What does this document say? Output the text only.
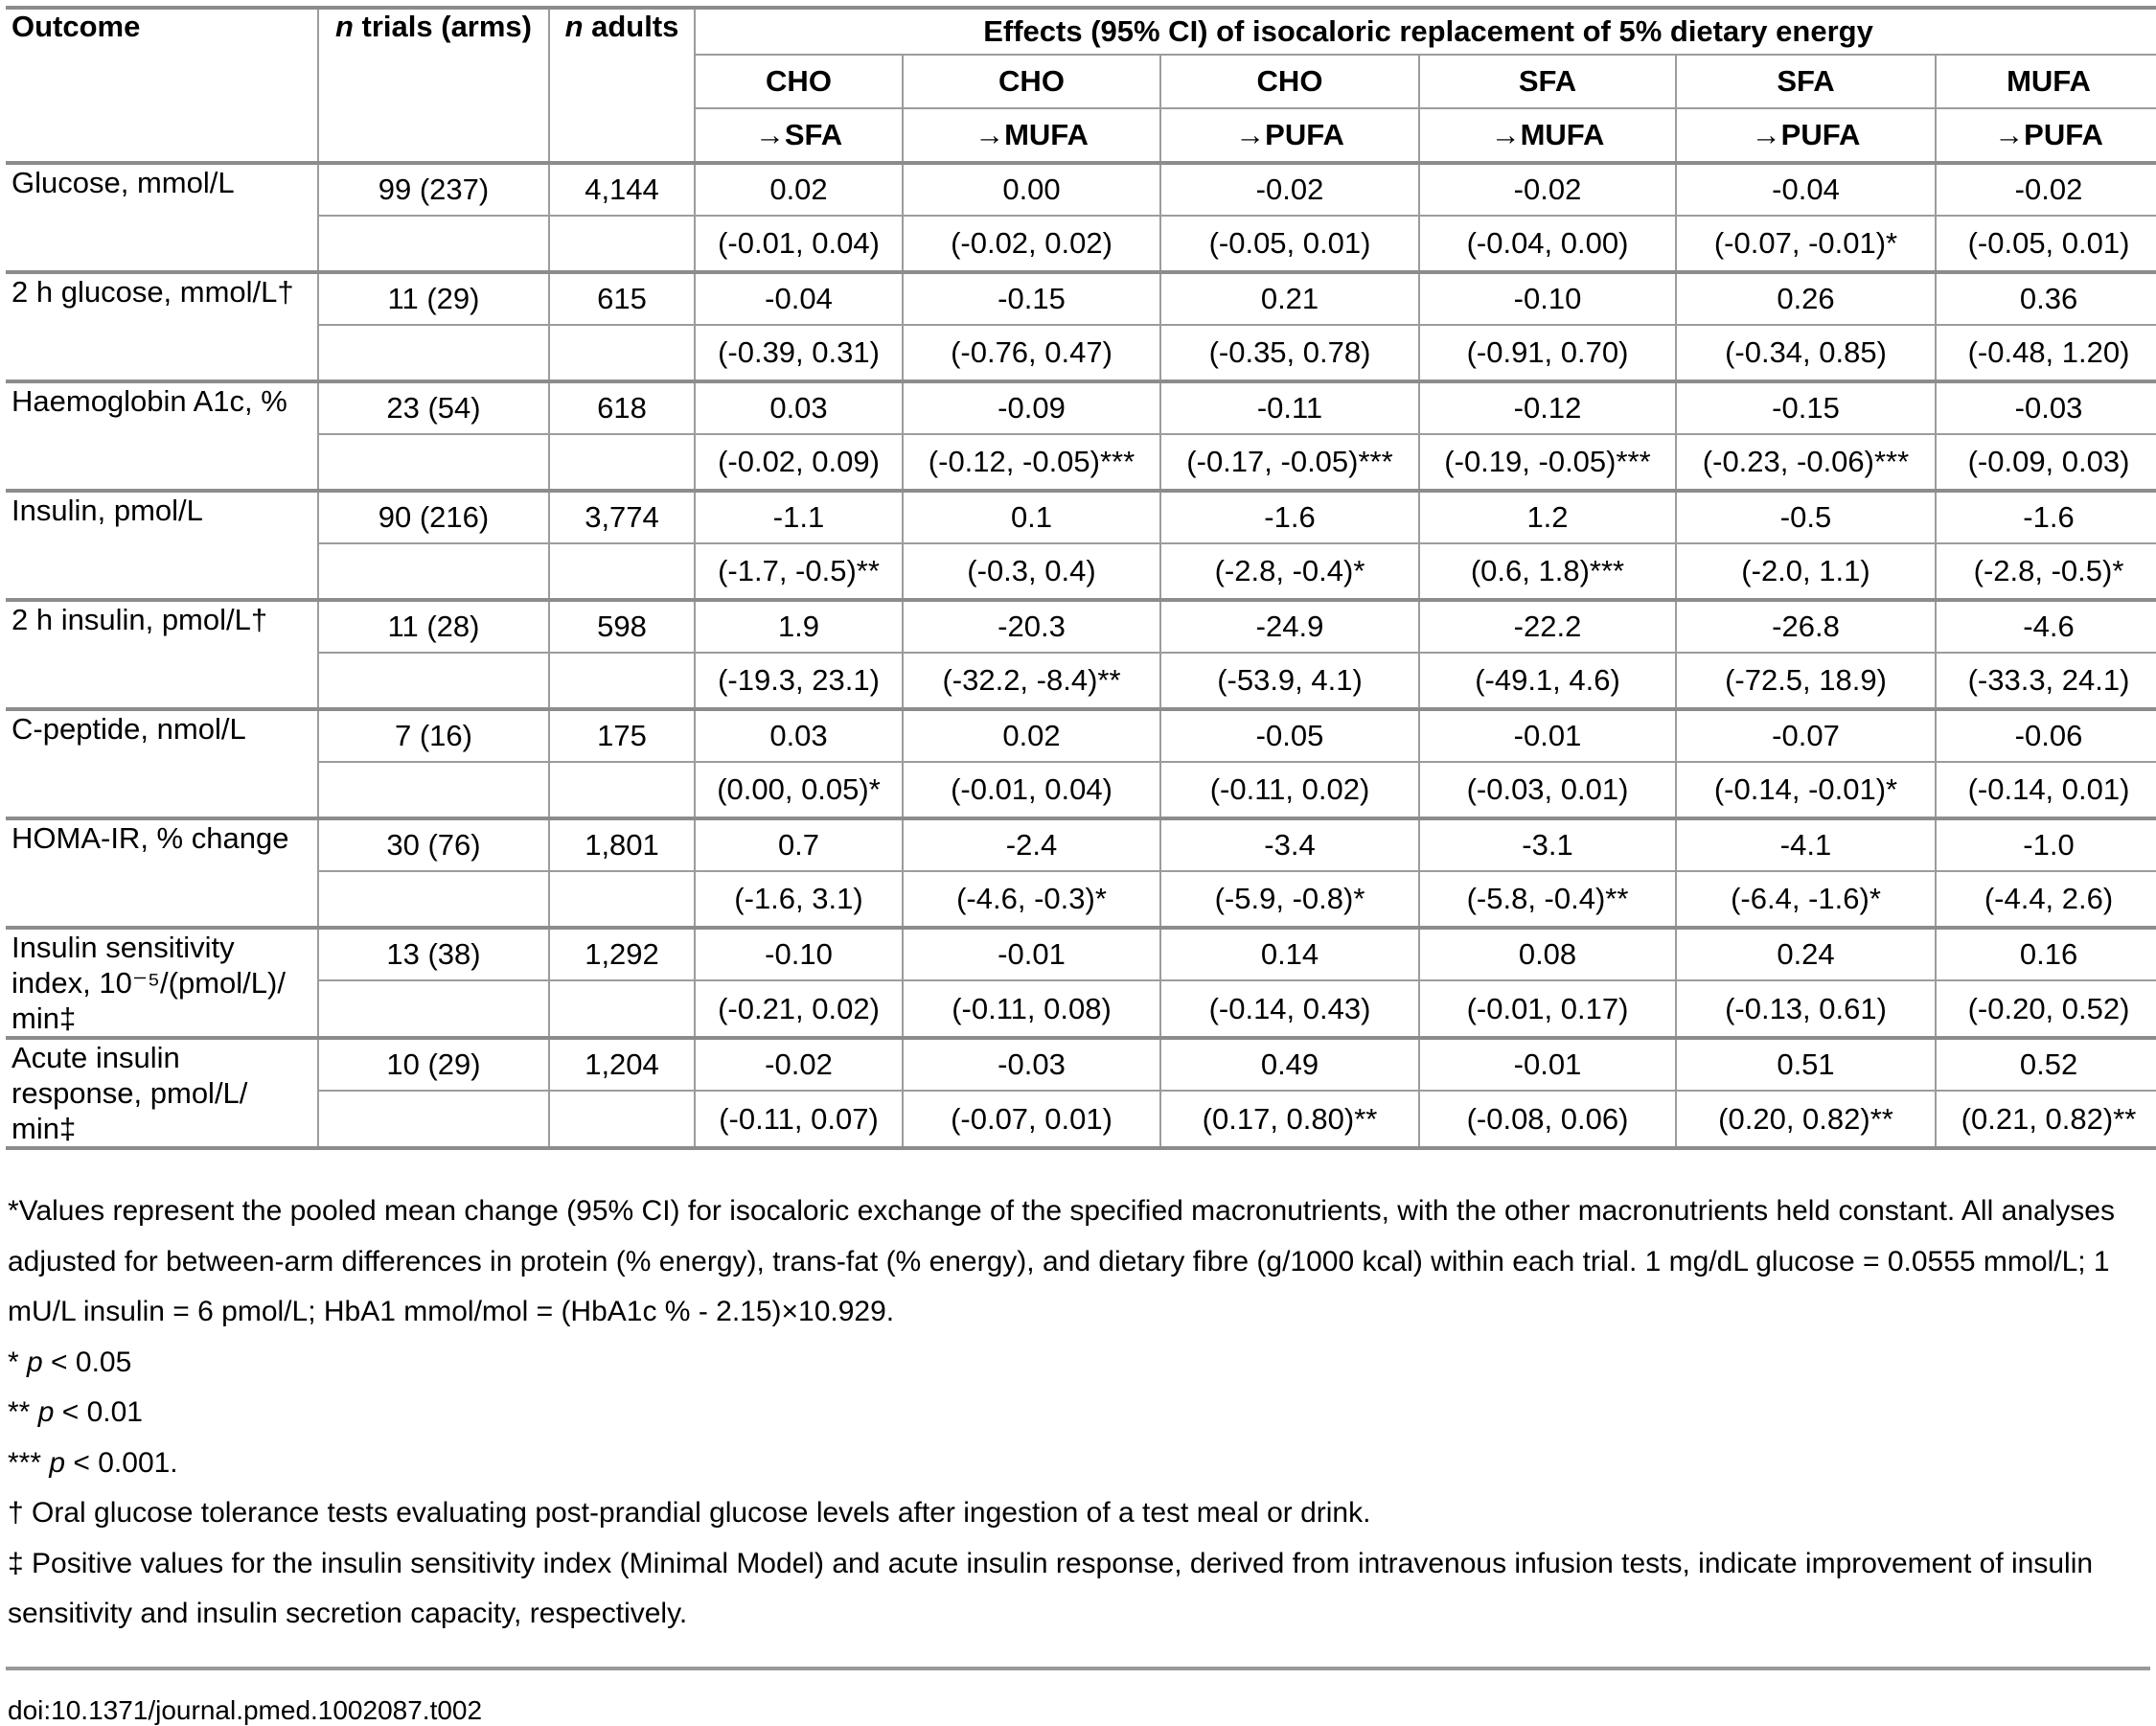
Outcome	n trials (arms)	n adults	Effects (95% CI) of isocaloric replacement of 5% dietary energy					
			CHO	CHO	CHO	SFA	SFA	MUFA
			→SFA	→MUFA	→PUFA	→MUFA	→PUFA	→PUFA
Glucose, mmol/L	99 (237)	4,144	0.02	0.00	-0.02	-0.02	-0.04	-0.02
			(-0.01, 0.04)	(-0.02, 0.02)	(-0.05, 0.01)	(-0.04, 0.00)	(-0.07, -0.01)*	(-0.05, 0.01)
2 h glucose, mmol/L†	11 (29)	615	-0.04	-0.15	0.21	-0.10	0.26	0.36
			(-0.39, 0.31)	(-0.76, 0.47)	(-0.35, 0.78)	(-0.91, 0.70)	(-0.34, 0.85)	(-0.48, 1.20)
Haemoglobin A1c, %	23 (54)	618	0.03	-0.09	-0.11	-0.12	-0.15	-0.03
			(-0.02, 0.09)	(-0.12, -0.05)***	(-0.17, -0.05)***	(-0.19, -0.05)***	(-0.23, -0.06)***	(-0.09, 0.03)
Insulin, pmol/L	90 (216)	3,774	-1.1	0.1	-1.6	1.2	-0.5	-1.6
			(-1.7, -0.5)**	(-0.3, 0.4)	(-2.8, -0.4)*	(0.6, 1.8)***	(-2.0, 1.1)	(-2.8, -0.5)*
2 h insulin, pmol/L†	11 (28)	598	1.9	-20.3	-24.9	-22.2	-26.8	-4.6
			(-19.3, 23.1)	(-32.2, -8.4)**	(-53.9, 4.1)	(-49.1, 4.6)	(-72.5, 18.9)	(-33.3, 24.1)
C-peptide, nmol/L	7 (16)	175	0.03	0.02	-0.05	-0.01	-0.07	-0.06
			(0.00, 0.05)*	(-0.01, 0.04)	(-0.11, 0.02)	(-0.03, 0.01)	(-0.14, -0.01)*	(-0.14, 0.01)
HOMA-IR, % change	30 (76)	1,801	0.7	-2.4	-3.4	-3.1	-4.1	-1.0
			(-1.6, 3.1)	(-4.6, -0.3)*	(-5.9, -0.8)*	(-5.8, -0.4)**	(-6.4, -1.6)*	(-4.4, 2.6)
Insulin sensitivity index, 10⁻⁵/(pmol/L)/​min‡	13 (38)	1,292	-0.10	-0.01	0.14	0.08	0.24	0.16
			(-0.21, 0.02)	(-0.11, 0.08)	(-0.14, 0.43)	(-0.01, 0.17)	(-0.13, 0.61)	(-0.20, 0.52)
Acute insulin response, pmol/L/​min‡	10 (29)	1,204	-0.02	-0.03	0.49	-0.01	0.51	0.52
			(-0.11, 0.07)	(-0.07, 0.01)	(0.17, 0.80)**	(-0.08, 0.06)	(0.20, 0.82)**	(0.21, 0.82)**

*Values represent the pooled mean change (95% CI) for isocaloric exchange of the specified macronutrients, with the other macronutrients held constant. All analyses adjusted for between-arm differences in protein (% energy), trans-fat (% energy), and dietary fibre (g/1000 kcal) within each trial. 1 mg/dL glucose = 0.0555 mmol/L; 1 mU/L insulin = 6 pmol/L; HbA1 mmol/mol = (HbA1c % - 2.15)×10.929.

* p < 0.05

** p < 0.01

*** p < 0.001.

† Oral glucose tolerance tests evaluating post-prandial glucose levels after ingestion of a test meal or drink.

‡ Positive values for the insulin sensitivity index (Minimal Model) and acute insulin response, derived from intravenous infusion tests, indicate improvement of insulin sensitivity and insulin secretion capacity, respectively.

doi:10.1371/journal.pmed.1002087.t002
